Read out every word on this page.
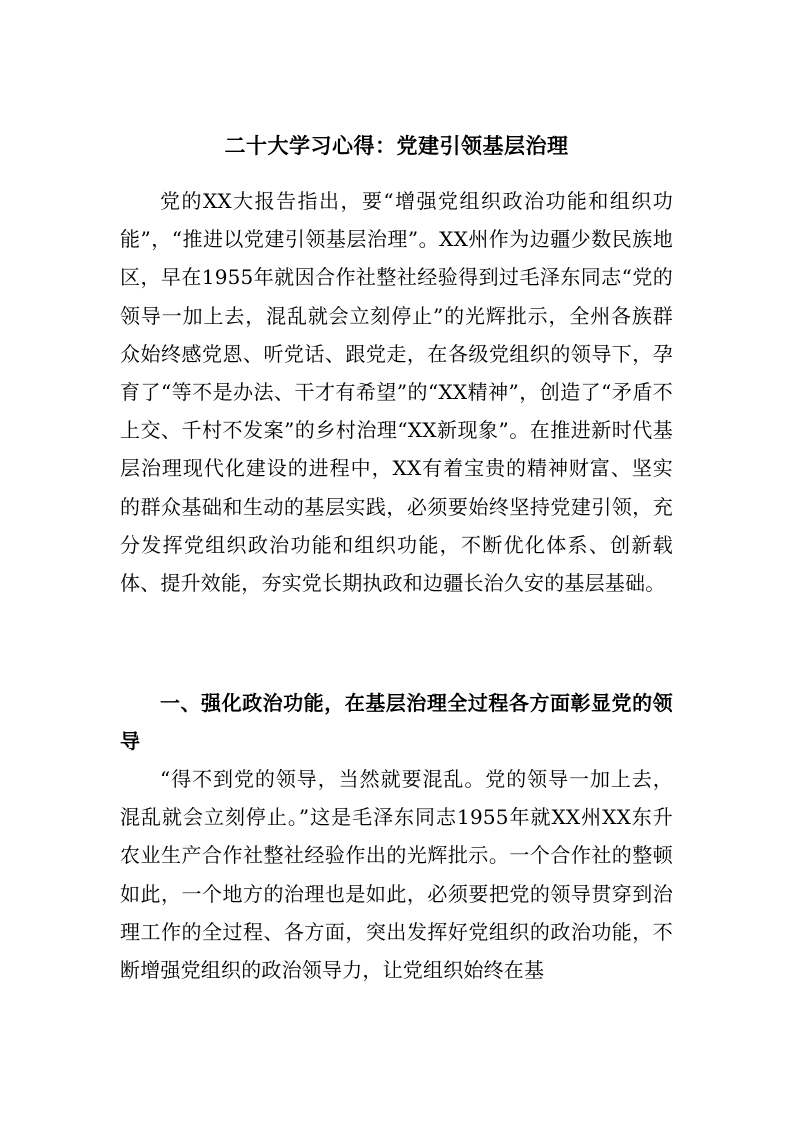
二十大学习心得：党建引领基层治理

党的XX大报告指出，要“增强党组织政治功能和组织功能”，“推进以党建引领基层治理”。XX州作为边疆少数民族地区，早在1955年就因合作社整社经验得到过毛泽东同志“党的领导一加上去，混乱就会立刻停止”的光辉批示，全州各族群众始终感党恩、听党话、跟党走，在各级党组织的领导下，孕育了“等不是办法、干才有希望”的“XX精神”，创造了“矛盾不上交、千村不发案”的乡村治理“XX新现象”。在推进新时代基层治理现代化建设的进程中，XX有着宝贵的精神财富、坚实的群众基础和生动的基层实践，必须要始终坚持党建引领，充分发挥党组织政治功能和组织功能，不断优化体系、创新载体、提升效能，夯实党长期执政和边疆长治久安的基层基础。

一、强化政治功能，在基层治理全过程各方面彰显党的领导

“得不到党的领导，当然就要混乱。党的领导一加上去，混乱就会立刻停止。”这是毛泽东同志1955年就XX州XX东升农业生产合作社整社经验作出的光辉批示。一个合作社的整顿如此，一个地方的治理也是如此，必须要把党的领导贯穿到治理工作的全过程、各方面，突出发挥好党组织的政治功能，不断增强党组织的政治领导力，让党组织始终在基
